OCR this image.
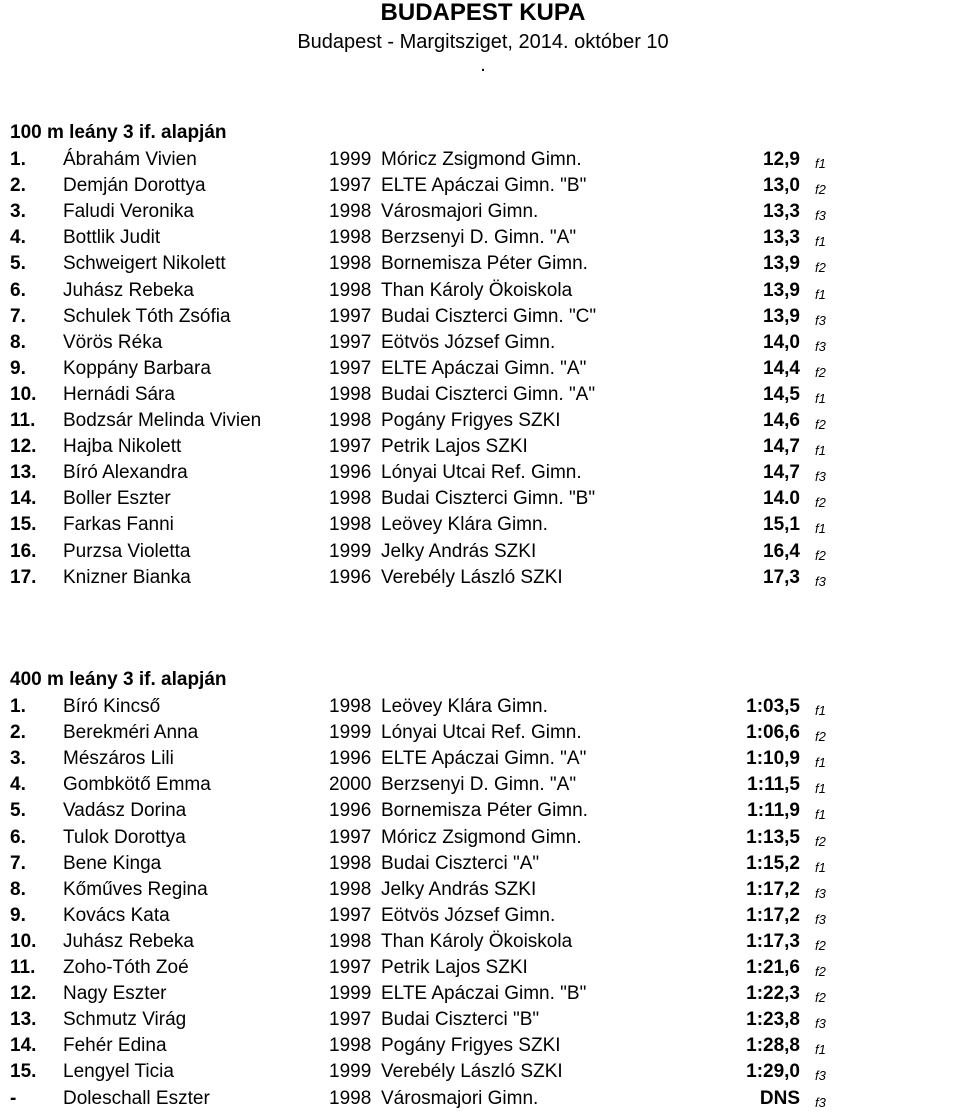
BUDAPEST KUPA
Budapest - Margitsziget, 2014. október 10
.
100 m leány 3 if. alapján
1. Ábrahám Vivien	1999 Móricz Zsigmond Gimn.	12,9 f1
2. Demján Dorottya	1997 ELTE Apáczai Gimn. "B"	13,0 f2
3. Faludi Veronika	1998 Városmajori Gimn.	13,3 f3
4. Bottlik Judit	1998 Berzsenyi D. Gimn. "A"	13,3 f1
5. Schweigert Nikolett	1998 Bornemisza Péter Gimn.	13,9 f2
6. Juhász Rebeka	1998 Than Károly Ökoiskola	13,9 f1
7. Schulek Tóth Zsófia	1997 Budai Ciszterci Gimn. "C"	13,9 f3
8. Vörös Réka	1997 Eötvös József Gimn.	14,0 f3
9. Koppány Barbara	1997 ELTE Apáczai Gimn. "A"	14,4 f2
10. Hernádi Sára	1998 Budai Ciszterci Gimn. "A"	14,5 f1
11. Bodzsár Melinda Vivien	1998 Pogány Frigyes SZKI	14,6 f2
12. Hajba Nikolett	1997 Petrik Lajos SZKI	14,7 f1
13. Bíró Alexandra	1996 Lónyai Utcai Ref. Gimn.	14,7 f3
14. Boller Eszter	1998 Budai Ciszterci Gimn. "B"	14.0 f2
15. Farkas Fanni	1998 Leövey Klára Gimn.	15,1 f1
16. Purzsa Violetta	1999 Jelky András SZKI	16,4 f2
17. Knizner Bianka	1996 Verebély László SZKI	17,3 f3
400 m leány 3 if. alapján
1. Bíró Kincső	1998 Leövey Klára Gimn.	1:03,5 f1
2. Berekméri Anna	1999 Lónyai Utcai Ref. Gimn.	1:06,6 f2
3. Mészáros Lili	1996 ELTE Apáczai Gimn. "A"	1:10,9 f1
4. Gombkötő Emma	2000 Berzsenyi D. Gimn. "A"	1:11,5 f1
5. Vadász Dorina	1996 Bornemisza Péter Gimn.	1:11,9 f1
6. Tulok Dorottya	1997 Móricz Zsigmond Gimn.	1:13,5 f2
7. Bene Kinga	1998 Budai Ciszterci "A"	1:15,2 f1
8. Kőműves Regina	1998 Jelky András SZKI	1:17,2 f3
9. Kovács Kata	1997 Eötvös József Gimn.	1:17,2 f3
10. Juhász Rebeka	1998 Than Károly Ökoiskola	1:17,3 f2
11. Zoho-Tóth Zoé	1997 Petrik Lajos SZKI	1:21,6 f2
12. Nagy Eszter	1999 ELTE Apáczai Gimn. "B"	1:22,3 f2
13. Schmutz Virág	1997 Budai Ciszterci "B"	1:23,8 f3
14. Fehér Edina	1998 Pogány Frigyes SZKI	1:28,8 f1
15. Lengyel Ticia	1999 Verebély László SZKI	1:29,0 f3
- Doleschall Eszter	1998 Városmajori Gimn.	DNS f3
